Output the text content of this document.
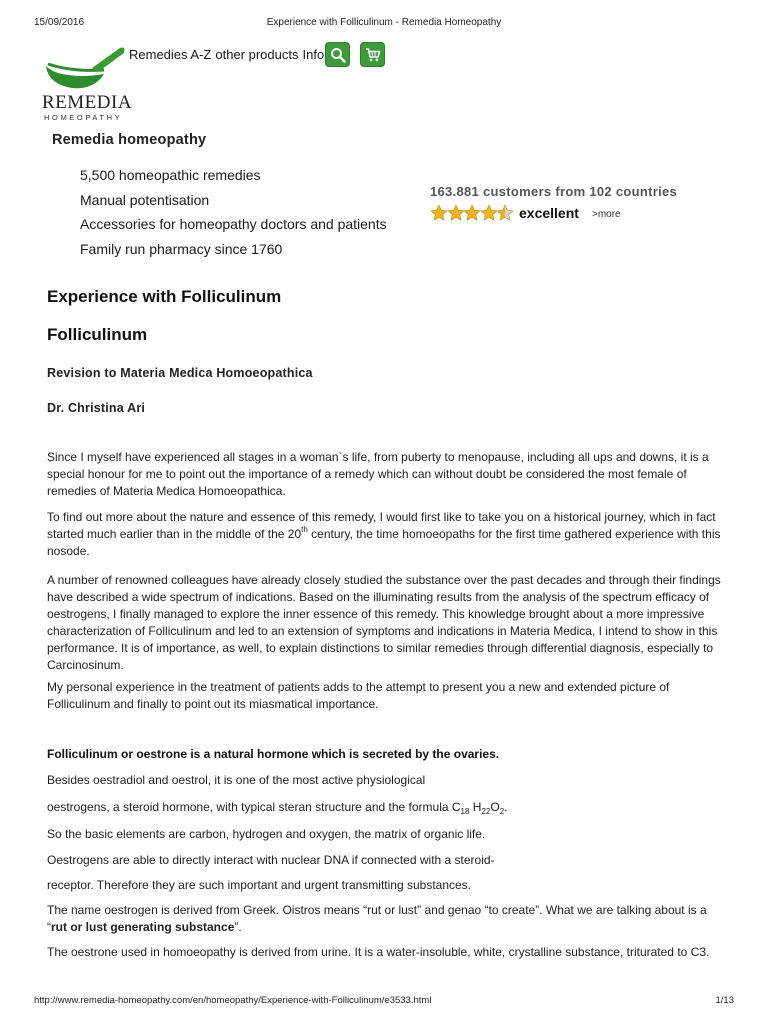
15/09/2016	Experience with Folliculinum - Remedia Homeopathy
REMEDIA
HOMEOPATHY
Remedies A-Z other products Info
Remedia homeopathy
5,500 homeopathic remedies
Manual potentisation
Accessories for homeopathy doctors and patients
Family run pharmacy since 1760
163.881 customers from 102 countries
excellent >more
Experience with Folliculinum
Folliculinum
Revision to Materia Medica Homoeopathica
Dr. Christina Ari

Since I myself have experienced all stages in a woman`s life, from puberty to menopause, including all ups and downs, it is a special honour for me to point out the importance of a remedy which can without doubt be considered the most female of remedies of Materia Medica Homoeopathica.

To find out more about the nature and essence of this remedy, I would first like to take you on a historical journey, which in fact started much earlier than in the middle of the 20th century, the time homoeopaths for the first time gathered experience with this nosode.

A number of renowned colleagues have already closely studied the substance over the past decades and through their findings have described a wide spectrum of indications. Based on the illuminating results from the analysis of the spectrum efficacy of oestrogens, I finally managed to explore the inner essence of this remedy. This knowledge brought about a more impressive characterization of Folliculinum and led to an extension of symptoms and indications in Materia Medica, I intend to show in this performance. It is of importance, as well, to explain distinctions to similar remedies through differential diagnosis, especially to Carcinosinum.

My personal experience in the treatment of patients adds to the attempt to present you a new and extended picture of Folliculinum and finally to point out its miasmatical importance.

Folliculinum or oestrone is a natural hormone which is secreted by the ovaries.

Besides oestradiol and oestrol, it is one of the most active physiological

oestrogens, a steroid hormone, with typical steran structure and the formula $C_{18}$ $H_{22}O_2$.

So the basic elements are carbon, hydrogen and oxygen, the matrix of organic life.

Oestrogens are able to directly interact with nuclear DNA if connected with a steroid-

receptor. Therefore they are such important and urgent transmitting substances.

The name oestrogen is derived from Greek. Oistros means “rut or lust” and genao “to create”. What we are talking about is a “rut or lust generating substance”.

The oestrone used in homoeopathy is derived from urine. It is a water-insoluble, white, crystalline substance, triturated to C3.

http://www.remedia-homeopathy.com/en/homeopathy/Experience-with-Folliculinum/e3533.html	1/13
